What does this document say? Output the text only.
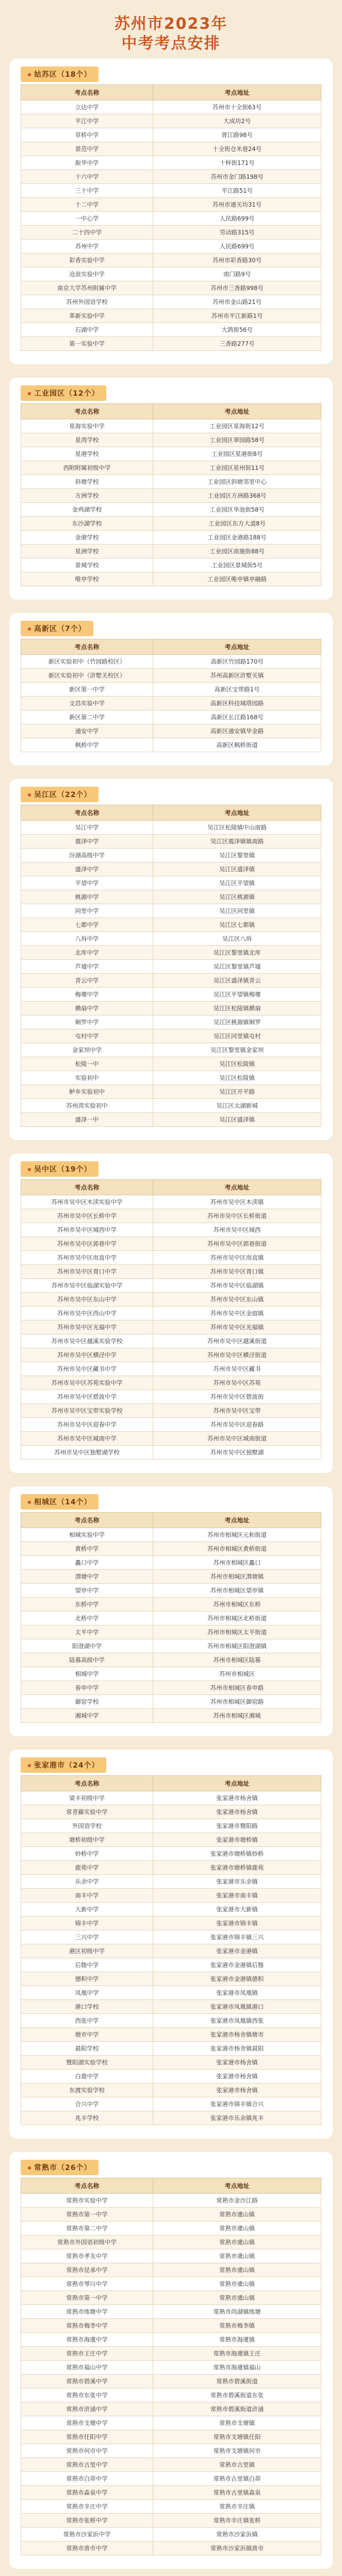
苏州市2023年
中考考点安排
姑苏区（18个）
考点名称	考点地址
立达中学	苏州市十全街63号
平江中学	大成坊2号
草桥中学	胥江路98号
景范中学	十全街仓米巷24号
振华中学	十梓街171号
十六中学	苏州市金门路198号
三十中学	平江路51号
十二中学	苏州市通关坊31号
一中心学	人民路699号
二十四中学	劳动路315号
苏州中学	人民路699号
彩香实验中学	苏州市彩香路30号
沧浪实验中学	南门路9号
南京大学苏州附属中学	苏州市三香路998号
苏州外国语学校	苏州市金山路21号
革新实验中学	苏州市平江新路1号
石湖中学	大鸽街56号
第一实验中学	三香路277号
工业园区（12个）
考点名称	考点地址
星海实验中学	工业园区星海街12号
星湾学校	工业园区翠园路58号
星港学校	工业园区星港街8号
西附附属初级中学	工业园区星州街11号
斜塘学校	工业园区斜塘邻里中心
方洲学校	工业园区方洲路368号
金鸡湖学校	工业园区华池街58号
东沙湖学校	工业园区东方大道8号
金港学校	工业园区金港路188号
星洲学校	工业园区南施街88号
景城学校	工业园区景城街5号
唯亭学校	工业园区唯亭镇亭融路
高新区（7个）
考点名称	考点地址
新区实验初中（竹园路校区）	高新区竹园路170号
新区实验初中（浒墅关校区）	苏州高新区浒墅关镇
新区第一中学	高新区宝带路1号
文昌实验中学	高新区科技城塔园路
新区第二中学	高新区长江路168号
通安中学	高新区通安镇华金路
枫桥中学	高新区枫桥街道
吴江区（22个）
考点名称	考点地址
吴江中学	吴江区松陵镇中山南路
震泽中学	吴江区震泽镇镇南路
汾湖高级中学	吴江区黎里镇
盛泽中学	吴江区盛泽镇
平望中学	吴江区平望镇
桃源中学	吴江区桃源镇
同里中学	吴江区同里镇
七都中学	吴江区七都镇
八坼中学	吴江区八坼
北厍中学	吴江区黎里镇北厍
芦墟中学	吴江区黎里镇芦墟
青云中学	吴江区盛泽镇青云
梅堰中学	吴江区平望镇梅堰
横扇中学	吴江区松陵镇横扇
铜罗中学	吴江区桃源镇铜罗
屯村中学	吴江区同里镇屯村
金家坝中学	吴江区黎里镇金家坝
松陵一中	吴江区松陵镇
实验初中	吴江区松陵镇
鲈乡实验初中	吴江区开平路
苏州湾实验初中	吴江区太湖新城
盛泽一中	吴江区盛泽镇
吴中区（19个）
考点名称	考点地址
苏州市吴中区木渎实验中学	苏州市吴中区木渎镇
苏州市吴中区长桥中学	苏州市吴中区长桥街道
苏州市吴中区城西中学	苏州市吴中区城西
苏州市吴中区郭巷中学	苏州市吴中区郭巷街道
苏州市吴中区甪直中学	苏州市吴中区甪直镇
苏州市吴中区胥口中学	苏州市吴中区胥口镇
苏州市吴中区临湖实验中学	苏州市吴中区临湖镇
苏州市吴中区东山中学	苏州市吴中区东山镇
苏州市吴中区西山中学	苏州市吴中区金庭镇
苏州市吴中区光福中学	苏州市吴中区光福镇
苏州市吴中区越溪实验学校	苏州市吴中区越溪街道
苏州市吴中区横泾中学	苏州市吴中区横泾街道
苏州市吴中区藏书中学	苏州市吴中区藏书
苏州市吴中区苏苑实验中学	苏州市吴中区苏苑
苏州市吴中区碧波中学	苏州市吴中区碧波街
苏州市吴中区宝带实验学校	苏州市吴中区宝带
苏州市吴中区迎春中学	苏州市吴中区迎春路
苏州市吴中区城南中学	苏州市吴中区城南街道
苏州市吴中区独墅湖学校	苏州市吴中区独墅湖
相城区（14个）
考点名称	考点地址
相城实验中学	苏州市相城区元和街道
黄桥中学	苏州市相城区黄桥街道
蠡口中学	苏州市相城区蠡口
渭塘中学	苏州市相城区渭塘镇
望亭中学	苏州市相城区望亭镇
东桥中学	苏州市相城区东桥
北桥中学	苏州市相城区北桥街道
太平中学	苏州市相城区太平街道
阳澄湖中学	苏州市相城区阳澄湖镇
陆慕高级中学	苏州市相城区陆慕
相城中学	苏州市相城区
春申中学	苏州市相城区春申路
御窑学校	苏州市相城区御窑路
湘城中学	苏州市相城区湘城
张家港市（24个）
考点名称	考点地址
梁丰初级中学	张家港市杨舍镇
常青藤实验中学	张家港市杨舍镇
外国语学校	张家港市暨阳路
塘桥初级中学	张家港市塘桥镇
妙桥中学	张家港市塘桥镇妙桥
鹿苑中学	张家港市塘桥镇鹿苑
乐余中学	张家港市乐余镇
南丰中学	张家港市南丰镇
大新中学	张家港市大新镇
锦丰中学	张家港市锦丰镇
三兴中学	张家港市锦丰镇三兴
港区初级中学	张家港市金港镇
后塍中学	张家港市金港镇后塍
德积中学	张家港市金港镇德积
凤凰中学	张家港市凤凰镇
港口学校	张家港市凤凰镇港口
西张中学	张家港市凤凰镇西张
塘市中学	张家港市杨舍镇塘市
晨阳学校	张家港市杨舍镇晨阳
暨阳湖实验学校	张家港市杨舍镇
白鹿中学	张家港市杨舍镇
东渡实验学校	张家港市杨舍镇
合兴中学	张家港市锦丰镇合兴
兆丰学校	张家港市乐余镇兆丰
常熟市（26个）
考点名称	考点地址
常熟市实验中学	常熟市金沙江路
常熟市第一中学	常熟市虞山镇
常熟市第二中学	常熟市虞山镇
常熟市外国语初级中学	常熟市虞山镇
常熟市孝友中学	常熟市虞山镇
常熟市昆承中学	常熟市虞山镇
常熟市琴川中学	常熟市虞山镇
常熟市第一中学	常熟市虞山镇
常熟市练塘中学	常熟市尚湖镇练塘
常熟市梅李中学	常熟市梅李镇
常熟市海虞中学	常熟市海虞镇
常熟市王庄中学	常熟市海虞镇王庄
常熟市福山中学	常熟市海虞镇福山
常熟市碧溪中学	常熟市碧溪街道
常熟市东张中学	常熟市碧溪街道东张
常熟市浒浦中学	常熟市碧溪街道浒浦
常熟市支塘中学	常熟市支塘镇
常熟市任阳中学	常熟市支塘镇任阳
常熟市何市中学	常熟市支塘镇何市
常熟市古里中学	常熟市古里镇
常熟市白茆中学	常熟市古里镇白茆
常熟市淼泉中学	常熟市古里镇淼泉
常熟市辛庄中学	常熟市辛庄镇
常熟市张桥中学	常熟市辛庄镇张桥
常熟市沙家浜中学	常熟市沙家浜镇
常熟市唐市中学	常熟市沙家浜镇唐市
